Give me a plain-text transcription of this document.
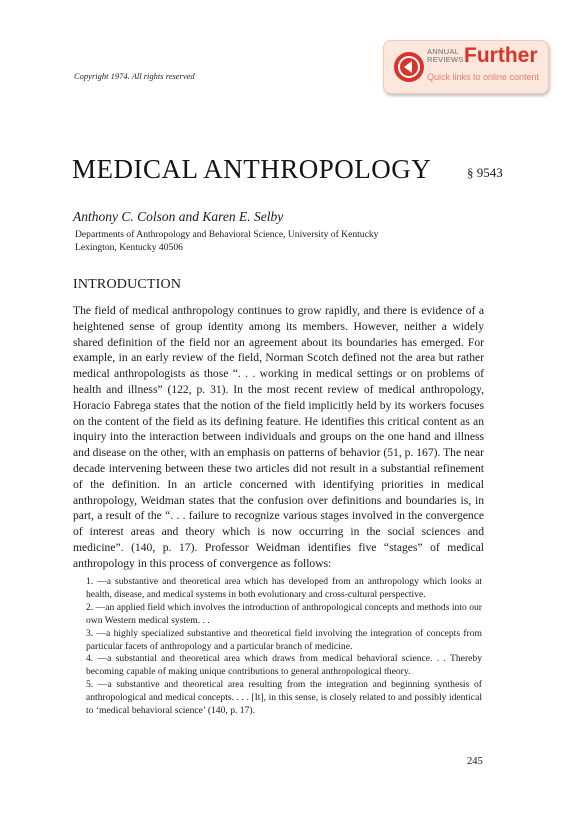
Copyright 1974. All rights reserved
ANNUAL
REVIEWS Further
Quick links to online content
MEDICAL ANTHROPOLOGY	§ 9543
Anthony C. Colson and Karen E. Selby
Departments of Anthropology and Behavioral Science, University of Kentucky
Lexington, Kentucky 40506
INTRODUCTION

The field of medical anthropology continues to grow rapidly, and there is evidence of a heightened sense of group identity among its members. However, neither a widely shared definition of the field nor an agreement about its boundaries has emerged. For example, in an early review of the field, Norman Scotch defined not the area but rather medical anthropologists as those “. . . working in medical settings or on problems of health and illness” (122, p. 31). In the most recent review of medical anthropology, Horacio Fabrega states that the notion of the field implicitly held by its workers focuses on the content of the field as its defining feature. He identifies this critical content as an inquiry into the interaction between individuals and groups on the one hand and illness and disease on the other, with an emphasis on patterns of behavior (51, p. 167). The near decade intervening between these two articles did not result in a substantial refinement of the definition. In an article concerned with identifying priorities in medical anthropology, Weidman states that the confusion over definitions and boundaries is, in part, a result of the “. . . failure to recognize various stages involved in the convergence of interest areas and theory which is now occurring in the social sciences and medicine”. (140, p. 17). Professor Weidman identifies five “stages” of medical anthropology in this process of convergence as follows:

1. —a substantive and theoretical area which has developed from an anthropology which looks at health, disease, and medical systems in both evolutionary and cross-cultural perspective.
2. —an applied field which involves the introduction of anthropological concepts and methods into our own Western medical system. . .
3. —a highly specialized substantive and theoretical field involving the integration of concepts from particular facets of anthropology and a particular branch of medicine.
4. —a substantial and theoretical area which draws from medical behavioral science. . . Thereby becoming capable of making unique contributions to general anthropological theory.
5. —a substantive and theoretical area resulting from the integration and beginning synthesis of anthropological and medical concepts. . . . [It], in this sense, is closely related to and possibly identical to ‘medical behavioral science’ (140, p. 17).
245
